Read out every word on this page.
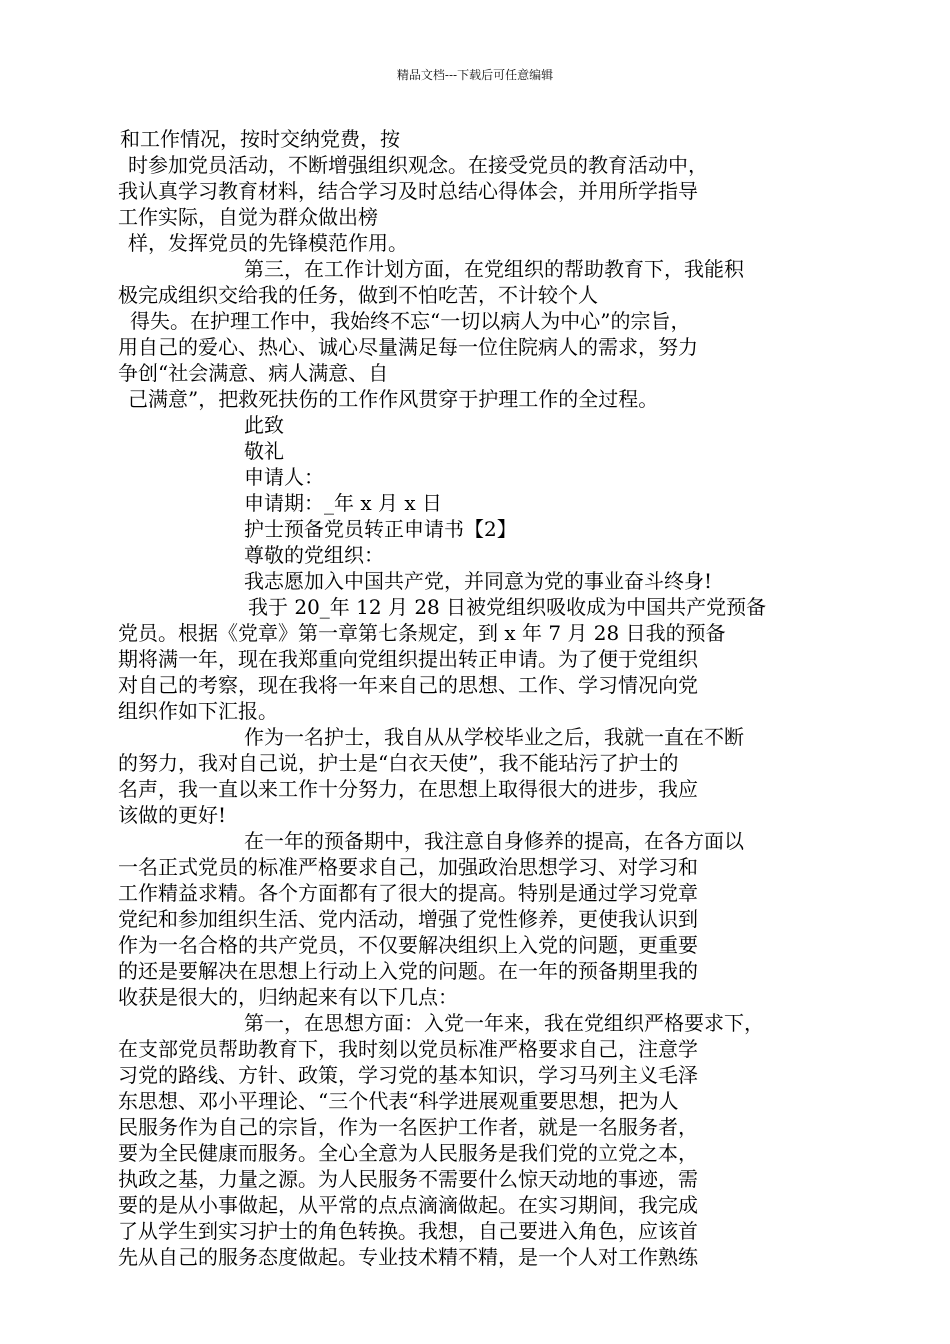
精品文档---下载后可任意编辑
和工作情况，按时交纳党费，按
时参加党员活动，不断增强组织观念。在接受党员的教育活动中，
我认真学习教育材料，结合学习及时总结心得体会，并用所学指导
工作实际，自觉为群众做出榜
样，发挥党员的先锋模范作用。
第三，在工作计划方面，在党组织的帮助教育下，我能积
极完成组织交给我的任务，做到不怕吃苦，不计较个人
得失。在护理工作中，我始终不忘“一切以病人为中心”的宗旨，
用自己的爱心、热心、诚心尽量满足每一位住院病人的需求，努力
争创“社会满意、病人满意、自
己满意”，把救死扶伤的工作作风贯穿于护理工作的全过程。
此致
敬礼
申请人：
申请期：_年 x 月 x 日
护士预备党员转正申请书【2】
尊敬的党组织：
我志愿加入中国共产党，并同意为党的事业奋斗终身!
我于 20_年 12 月 28 日被党组织吸收成为中国共产党预备
党员。根据《党章》第一章第七条规定，到 x 年 7 月 28 日我的预备
期将满一年，现在我郑重向党组织提出转正申请。为了便于党组织
对自己的考察，现在我将一年来自己的思想、工作、学习情况向党
组织作如下汇报。
作为一名护士，我自从从学校毕业之后，我就一直在不断
的努力，我对自己说，护士是“白衣天使”，我不能玷污了护士的
名声，我一直以来工作十分努力，在思想上取得很大的进步，我应
该做的更好!
在一年的预备期中，我注意自身修养的提高，在各方面以
一名正式党员的标准严格要求自己，加强政治思想学习、对学习和
工作精益求精。各个方面都有了很大的提高。特别是通过学习党章
党纪和参加组织生活、党内活动，增强了党性修养，更使我认识到
作为一名合格的共产党员，不仅要解决组织上入党的问题，更重要
的还是要解决在思想上行动上入党的问题。在一年的预备期里我的
收获是很大的，归纳起来有以下几点：
第一，在思想方面：入党一年来，我在党组织严格要求下，
在支部党员帮助教育下，我时刻以党员标准严格要求自己，注意学
习党的路线、方针、政策，学习党的基本知识，学习马列主义毛泽
东思想、邓小平理论、“三个代表“科学进展观重要思想，把为人
民服务作为自己的宗旨，作为一名医护工作者，就是一名服务者，
要为全民健康而服务。全心全意为人民服务是我们党的立党之本，
执政之基，力量之源。为人民服务不需要什么惊天动地的事迹，需
要的是从小事做起，从平常的点点滴滴做起。在实习期间，我完成
了从学生到实习护士的角色转换。我想，自己要进入角色，应该首
先从自己的服务态度做起。专业技术精不精，是一个人对工作熟练
